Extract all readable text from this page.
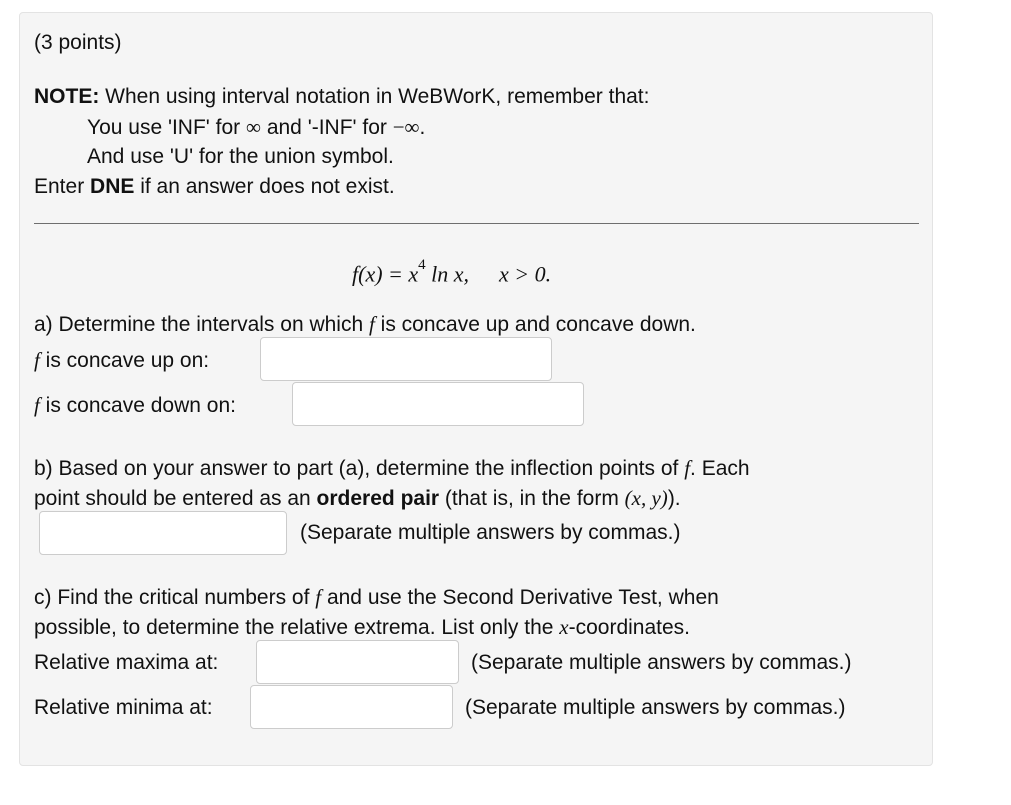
(3 points)
NOTE: When using interval notation in WeBWorK, remember that:
You use 'INF' for ∞ and '-INF' for −∞.
And use 'U' for the union symbol.
Enter DNE if an answer does not exist.
$f(x) = x^4$ ln x, x > 0.
a) Determine the intervals on which f is concave up and concave down.
f is concave up on:
f is concave down on:
b) Based on your answer to part (a), determine the inflection points of f. Each
point should be entered as an ordered pair (that is, in the form (x, y)).
(Separate multiple answers by commas.)
c) Find the critical numbers of f and use the Second Derivative Test, when
possible, to determine the relative extrema. List only the x-coordinates.
Relative maxima at:	(Separate multiple answers by commas.)
Relative minima at:	(Separate multiple answers by commas.)
